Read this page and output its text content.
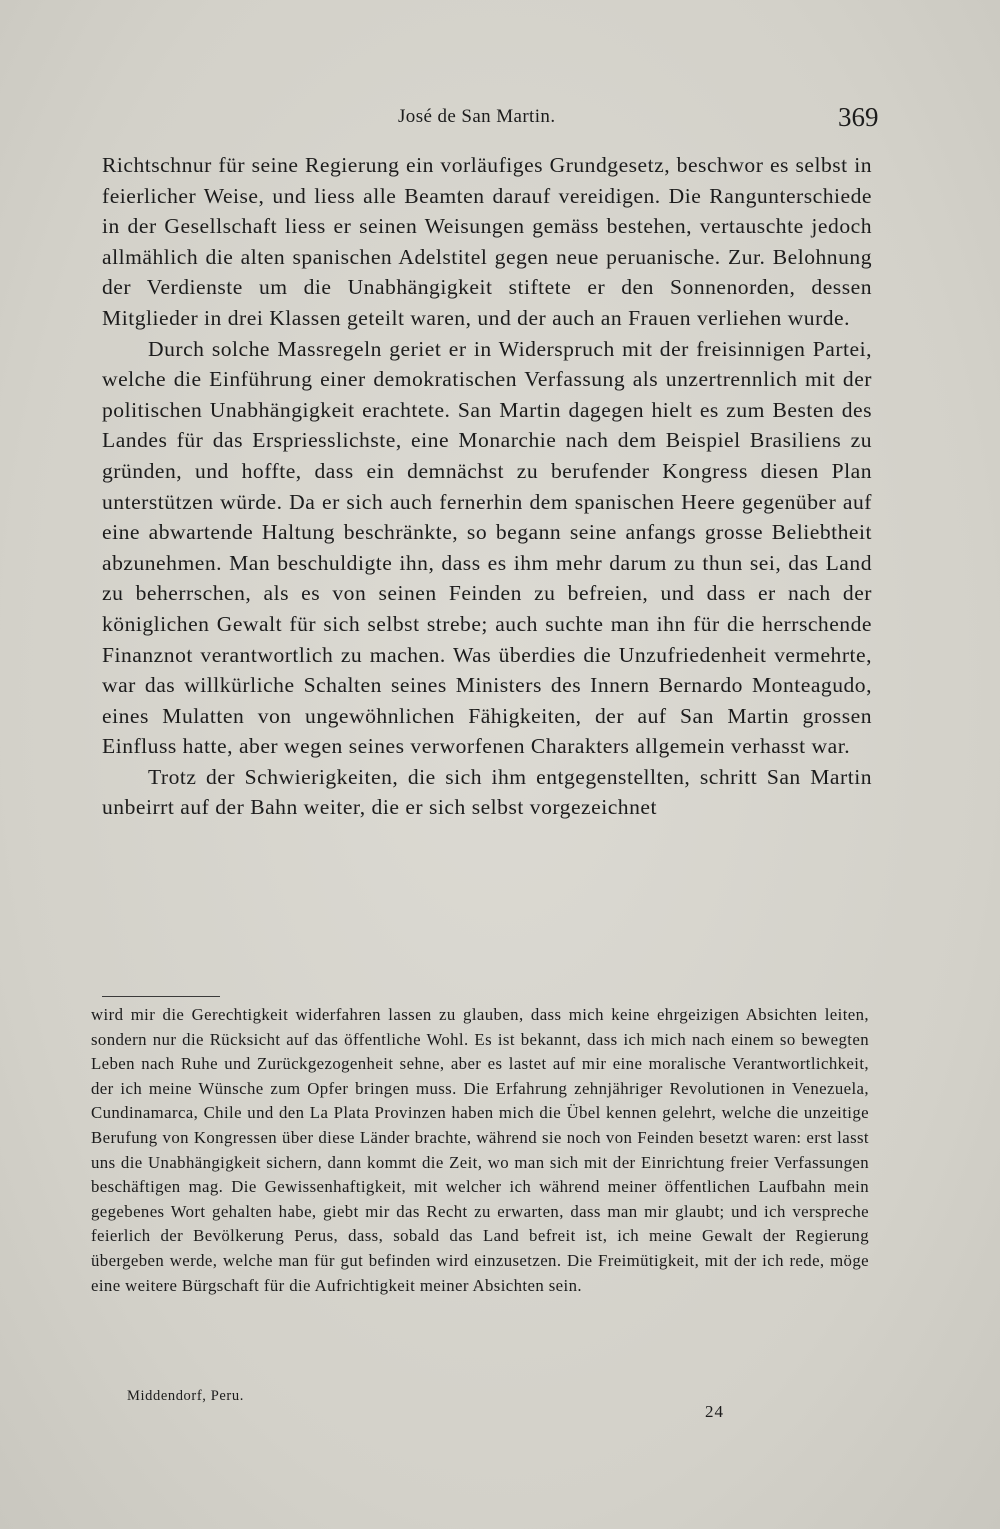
José de San Martin.	369

Richtschnur für seine Regierung ein vorläufiges Grundgesetz, beschwor es selbst in feierlicher Weise, und liess alle Beamten darauf vereidigen. Die Rangunterschiede in der Gesellschaft liess er seinen Weisungen gemäss bestehen, vertauschte jedoch allmählich die alten spanischen Adelstitel gegen neue peruanische. Zur. Belohnung der Verdienste um die Unabhängigkeit stiftete er den Sonnenorden, dessen Mitglieder in drei Klassen geteilt waren, und der auch an Frauen verliehen wurde.

Durch solche Massregeln geriet er in Widerspruch mit der freisinnigen Partei, welche die Einführung einer demokratischen Verfassung als unzertrennlich mit der politischen Unabhängigkeit erachtete. San Martin dagegen hielt es zum Besten des Landes für das Erspriesslichste, eine Monarchie nach dem Beispiel Brasiliens zu gründen, und hoffte, dass ein demnächst zu berufender Kongress diesen Plan unterstützen würde. Da er sich auch fernerhin dem spanischen Heere gegenüber auf eine abwartende Haltung beschränkte, so begann seine anfangs grosse Beliebtheit abzunehmen. Man beschuldigte ihn, dass es ihm mehr darum zu thun sei, das Land zu beherrschen, als es von seinen Feinden zu befreien, und dass er nach der königlichen Gewalt für sich selbst strebe; auch suchte man ihn für die herrschende Finanznot verantwortlich zu machen. Was überdies die Unzufriedenheit vermehrte, war das willkürliche Schalten seines Ministers des Innern Bernardo Monteagudo, eines Mulatten von ungewöhnlichen Fähigkeiten, der auf San Martin grossen Einfluss hatte, aber wegen seines verworfenen Charakters allgemein verhasst war.

Trotz der Schwierigkeiten, die sich ihm entgegenstellten, schritt San Martin unbeirrt auf der Bahn weiter, die er sich selbst vorgezeichnet

wird mir die Gerechtigkeit widerfahren lassen zu glauben, dass mich keine ehrgeizigen Absichten leiten, sondern nur die Rücksicht auf das öffentliche Wohl. Es ist bekannt, dass ich mich nach einem so bewegten Leben nach Ruhe und Zurückgezogenheit sehne, aber es lastet auf mir eine moralische Verantwortlichkeit, der ich meine Wünsche zum Opfer bringen muss. Die Erfahrung zehnjähriger Revolutionen in Venezuela, Cundinamarca, Chile und den La Plata Provinzen haben mich die Übel kennen gelehrt, welche die unzeitige Berufung von Kongressen über diese Länder brachte, während sie noch von Feinden besetzt waren: erst lasst uns die Unabhängigkeit sichern, dann kommt die Zeit, wo man sich mit der Einrichtung freier Verfassungen beschäftigen mag. Die Gewissenhaftigkeit, mit welcher ich während meiner öffentlichen Laufbahn mein gegebenes Wort gehalten habe, giebt mir das Recht zu erwarten, dass man mir glaubt; und ich verspreche feierlich der Bevölkerung Perus, dass, sobald das Land befreit ist, ich meine Gewalt der Regierung übergeben werde, welche man für gut befinden wird einzusetzen. Die Freimütigkeit, mit der ich rede, möge eine weitere Bürgschaft für die Aufrichtigkeit meiner Absichten sein.

Middendorf, Peru.
24
